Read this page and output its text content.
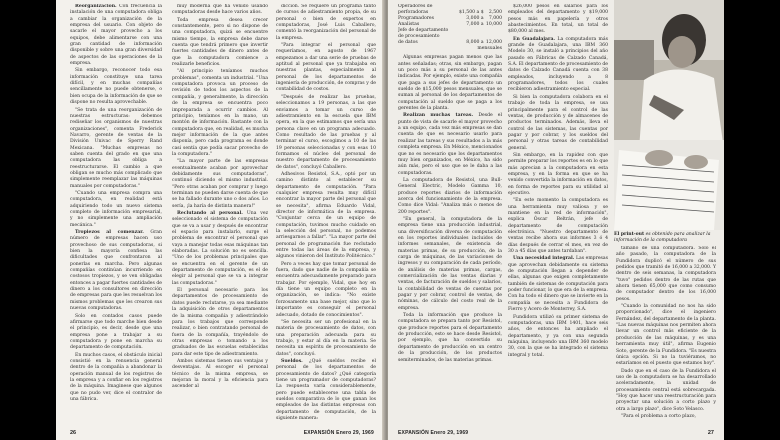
Reorganización. Con frecuencia la instalación de una computadora obliga a cambiar la organización de la empresa del usuario. Con objeto de sacarle el mayor provecho a los equipos, debe alimentarse con una gran cantidad de información disponible y sobre una gran diversidad de aspectos de las operaciones de la empresa.

Sin embargo, reconocer todo esa información constituye una tarea difícil, y en muchas compañías sencillamente no puede obtenerse, o bien ocupa de la información de que se dispone no resulta aprovechable.

"Se trata de una reorganización de nuestras estructuras: debemos rediseñar los organismos de nuestras organizaciones", comenta Frederick Navarro, gerente de ventas de la División Univac de Sperry Rand Mexicana. "Muchas empresas no saben cuenta del grado en que una computadora las obliga a reestructurarse. El cambio a que obligan se mucho más complicado que simplemente reemplazar las máquinas manuales por computadoras."

"Cuando una empresa compra una computadora, en realidad está adquiriendo todo un nuevo sistema completo de información empresarial, y no simplemente una ampliación mecánica."

Tropiezos al comenzar. Gran número de empresas hacen uso provechoso de sus computadoras, si bien la mayoría confiesa las dificultades que confrontaron al ponerlas en marcha. Pero algunas compañías continúan incurriendo en costosos tropiezos, y se ven obligadas entonces a pagar fuertes cantidades de dinero a los consultores en dirección de empresas para que les resuelvan los mismos problemas que les crearon sus nuevas computadoras.

Solo en contados casos puede afirmarse que todo marche bien desde el principio, es decir, desde que una empresa pone a trabajar a su computadora y pone en marcha su departamento de computación.

En muchos casos, el obstáculo inicial consistió en la renuencia general dentro de la compañía a abandonar la operación manual de los registros de la empresa y a confiar en los registros de la máquina. Imaginese que algunos que no pudo ver, dice el contralor de una fábrica.

muy moderna que ha venido usando computadoras desde hace varios años.

Toda empresa desea crecer constantemente, pero si no dispone de una computadora, quizá se encuentre mismo tiempo, la empresa debe darse cuenta que tendrá primero que invertir fuertes cantidades de dinero antes de que la computadora comience a realizarle beneficios.

"Al principio teníamos muchos problemas", comenta un industrial. "Una computadora provoca un proceso de revisión de todos los aspectos de la compañía, y generalmente, la dirección de la empresa se encuentra poco impreparada a ocurrir cambios. Al principio, teníamos en la mano, un montón de información. Bastante con la computadora que, en realidad, es mucha mejor información de la que antes disponía, pero cada programa es donde casi sentía que podía sacar provecho de la computadora."

"La mayor parte de las empresas eventualmente acaban por aprovechar debidamente sus computadoras", continuó diciendo el mismo industrial. "Pero otras acaban por comprar y luego terminan no pueden darse cuenta de que se ha fallado durante uno o dos años. Lo sería, ¡la haría de distinta manera!"

Reclutando al personal. Una vez seleccionado el sistema de computación que se va a usar y después de encontrar el espacio para instalarlo, surge el problema de encontrar el personal que vaya a manejar todas esas máquinas tan elaboradas. La solución no es sencilla. "Uno de los problemas principales que se encuentra en el gerente de un departamento de computación, es el de elegir al personal que se va a integrar las computadoras."

El personal necesario para los departamentos de procesamiento de datos puede reclutarse, ya sea mediante la adquisición de otros departamentos de la misma compañía y adiestrándolo para los trabajos que corresponde realizar, o bien contratando personal de fuera de la compañía, trayéndolo de otras empresas o tomando a los graduados de las escuelas establecidas para dar este tipo de adiestramiento.

Ambos sistemas tienen sus ventajas y desventajas. Al escoger el personal técnico de la misma empresa, se mejoran la moral y la eficiencia para ascender al

dicción. Se requiere un programa tanto de cursos de adiestramiento propia, de su personal o bien de expertos en computadoras, José Luis Caballero, comentó la reorganización del personal de la empresa.

"Para integrar el personal que requeríamos, en agosto de 1967 empezamos a dar una serie de pruebas de aptitud al personal que ya trabajaba en nuestras plantas, especialmente al personal de los departamentos de ingeniería de producción, de compras y de contabilidad de costos.

"Después de realizar las pruebas, seleccionamos a 19 personas, a las que enviamos a tomar un curso de adiestramiento en la escuela que IBM opera, en la que estimamos que sería una persona clave en un programa adecuado. Como resultado de las pruebas y al terminar el curso, escogimos a 10 de las 19 personas seleccionadas y con esas 10 formamos el núcleo del personal de nuestro departamento de procesamiento de datos", concluyó Caballero.

Adhesivos Resistol, S.A., optó por un camino distinto al establecer su departamento de computación. "Para cualquier empresa resulta muy difícil encontrar la mayor parte del personal que se necesita", afirma Eduardo Vidal, director de informática de la empresa. "Conjuntar cerca de un equipo de computación, tuvimos mucho cuidado en la selección del personal, no podemos arriesgarnos a fallar". "La mayor parte del personal de programación fue reclutado entre todas las áreas de la empresa, y algunos vinieron del Instituto Politécnico."

Pero a veces hay que tomar personal de fuera, dado que nadie de la compañía se encuentra adecuadamente preparado para trabajar. Por ejemplo, Vidal, que hoy en día tiene un equipo completo en la organización, se indica: "No existe forzosamente una base mejor, sino que lo importante es conseguir el personal adecuado, dotado de conocimientos".

"Se necesita ser un profesional en la materia de procesamiento de datos, con una preparación adecuada para su trabajo, y estar al día en la materia. Se necesita un espíritu de procesamiento de datos", concluyó.

Sueldos. ¿Qué sueldos recibe el personal de los departamentos de procesamiento de datos? ¿Qué categoría tiene un programador de computadoras? La respuesta varía considerablemente, pero puede establecerse una tabla de sueldos comparativa de lo que ganan los empleados de las distintas empresas con departamento de computación, de la siguiente manera:

26	EXPANSIÓN Enero 29, 1969
Operadores de		
perforadoras	$1,500 a $	2,500
Programadores	3,000 a	7,000
Analistas	7,000 a	10,000
Jefe de departamento		
de procesamiento		
de datos	8,000 a	12,000
mensuales

Algunas empresas pagan menos que las antes señaladas; otras, sin embargo, pagan un poco más a su personal de las antes indicadas. Por ejemplo, existe una compañía que paga a sus jefes de departamento un sueldo de $15,000 pesos mensuales, que se suman al personal de los departamentos de computación al sueldo que se paga a los gerentes de la planta.

Realizan muchas tareas. Desde el punto de vista de sacarle el mayor provecho a un equipo, cada vez más empresas se dan cuenta de que es necesario usarlo para realizar las tareas y sus resultados a la más completa empresa. En México, mencionados que no es necesario que los departamentos muy bien organizados, en México, ha sido aún más, pero el uso que se le daba a las computadoras.

La computadora de Resistol, una Bull-General Electric, Modelo Gamma 10, produce reportes diarios de información acerca del funcionamiento de la empresa. Como dice Vidal: "Analiza más o menos de 200 reportes".

"En general, la computadora de la empresa tiene una producción industrial, una diversificación diversa de computación en los reportes individuales incluidos de informes semanales, de existencia de materias primas, de su producción, de la carga de máquinas, de las variaciones de ingresos y su comparación de cada período, de análisis de materias primas, cargas, comercialización de las ventas diarias y ventas, de facturación de sueldos y salarios, la contabilidad de ventas de cuentas por pagar y por cobrar, control de ventas, de nóminas, de cálculo del costo real de la empresa.

Toda la información que produce la computadora se prepara tanto por Resistol, que produce reportes para el departamento de producción, esto se hace desde Resistol, por ejemplo, que ha convertido su departamento de producción en un centro de la producción, de los productos semiterminados, de las materias primas.

$26,000 pesos en salarios para los empleados del departamento y $19,000 pesos más en papelería y otros abastecimientos. En total, un total de $80,000 al mes.

En Guadalajara. La computadora más grande de Guadalajara, una IBM 360 Modelo 30, se instaló a principios del año pasado en Fábricas de Calzado Canadá, S.A. El departamento de procesamiento de datos de Calzado Canadá cuenta con 38 empleados, incluyendo a 8 programadores, todos los cuales recibieron adiestramiento especial.

Si bien la computadora colabora en el trabajo de toda la empresa, se usa principalmente para el control de las ventas, de producción y de almacenes de productos terminados. Además, lleva el control de las sistemas, las cuentas por pagar y por cobrar, y los sueldos del personal y otras tareas de contabilidad general.

Sin embargo, en la rapidez con que permite preparar los reportes es en lo que más aprecian a la computadora en esta empresa, y en la forma en que se ha venido convertida la información en datos, en forma de reportes para su utilidad al ejecutivo.

"En este momento la computadora es una herramienta muy valiosa y se mantiene en la red de información", explica Óscar Beltrán, jefe de departamento de computación electrónica. "Nuestro departamento de ventas recibe ahora sus informes 3 ó 4 días después de cerrar el mes, en vez de 30 a 45 días que antes tardaban".

Una necesidad integral. Las empresas que aprovechan debidamente su sistema de computación llegan a depender de ellas, algunas que exigen completamente también de sistemas de computación para poder funcionar, lo que era de la empresa. Con ha todo el dinero que se invierte en la compañía se necesita a Fundidora de Fierro y Acero de Monterrey, S.A.

Fundidora utilizó su primer sistema de computadoras, una IBM 1401, hace seis años, de entonces ha ampliado el departamento, y ya con una segunda máquina, incluyendo una IBM 360 modelo 30, con la que se ha integrado el sistema integral y total.

El print-out es obtenido para analizar la información de la computadora

tamaño de una computadora. Sólo el año pasado, la computadora de la Fundidora duplicó el número de sus pedidos que tramitó de 16,000 a 32,000. Y dentro de seis semanas, la computadora "tuvo" pedidos dentro de las rutas que ahora tienen 65,000 que como consumo de computador dentro de los 16,000 pesos.

"Cuando la comunidad no nos ha sido proporcionado", dice el ingeniero Fernández, del departamento de la planta. "Las nuevas máquinas nos permiten ahora llevar un control más eficiente de la producción de las máquinas, y es una herramienta muy útil", afirma Eugenio Soto, gerente de la Fundidora. "Es nuestra única opción. Si no la tuviéramos, no estaríamos en el puesto que estamos hoy".

Dado que en el caso de la Fundidora el uso de la computadora se ha desarrollado aceleradamente, la unidad de procesamiento central está sobrecargada. "Hoy que hacer una reestructuración para proyectar una solución a corto plazo y otra a largo plazo", dice Soto Velasco.

"Para el problema a corto plazo,

EXPANSIÓN Enero 29, 1969	27
